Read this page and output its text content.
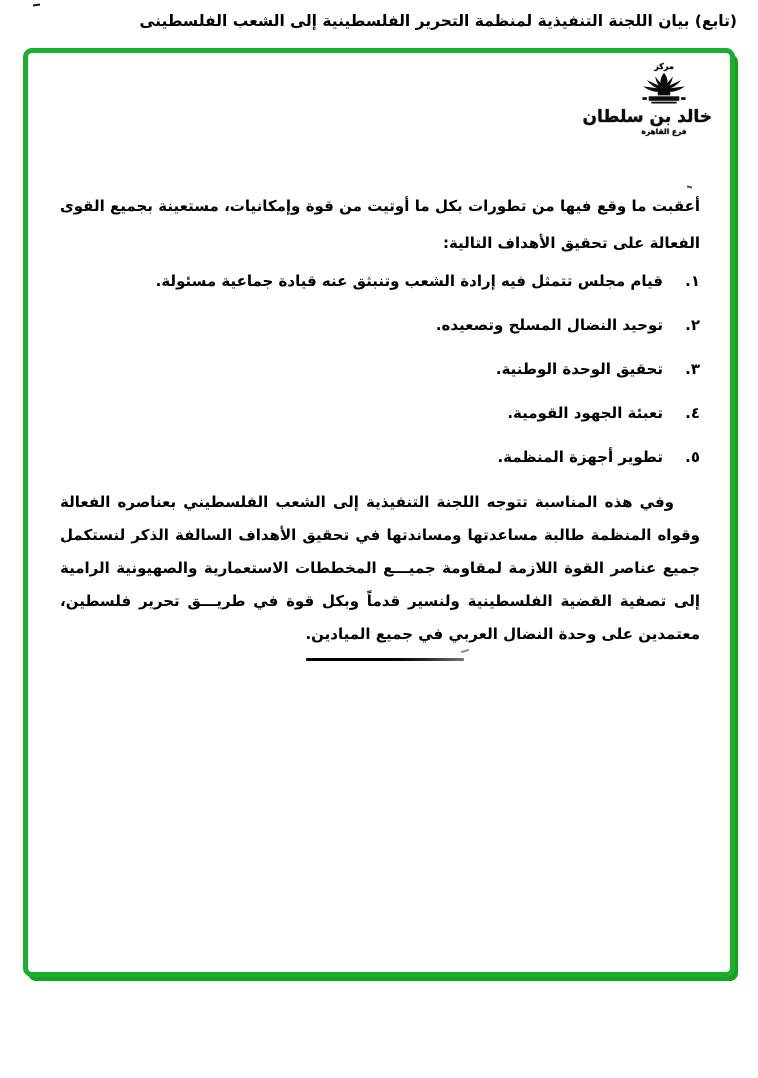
(تابع) بيان اللجنة التنفيذية لمنظمة التحرير الفلسطينية إلى الشعب الفلسطينى
مركز
خالد بن سلطان
فرع القاهرة
أعقبت ما وقع فيها من تطورات بكل ما أوتيت من قوة وإمكانيات، مستعينة بجميع القوى الفعالة على تحقيق الأهداف التالية:
١.
قيام مجلس تتمثل فيه إرادة الشعب وتنبثق عنه قيادة جماعية مسئولة.
٢.
توحيد النضال المسلح وتصعيده.
٣.
تحقيق الوحدة الوطنية.
٤.
تعبئة الجهود القومية.
٥.
تطوير أجهزة المنظمة.
وفي هذه المناسبة تتوجه اللجنة التنفيذية إلى الشعب الفلسطيني بعناصره الفعالة وقواه المنظمة طالبة مساعدتها ومساندتها في تحقيق الأهداف السالفة الذكر لنستكمل جميع عناصر القوة اللازمة لمقاومة جميـــع المخططات الاستعمارية والصهيونية الرامية إلى تصفية القضية الفلسطينية ولنسير قدماً وبكل قوة في طريـــق تحرير فلسطين، معتمدين على وحدة النضال العربي في جميع الميادين.
